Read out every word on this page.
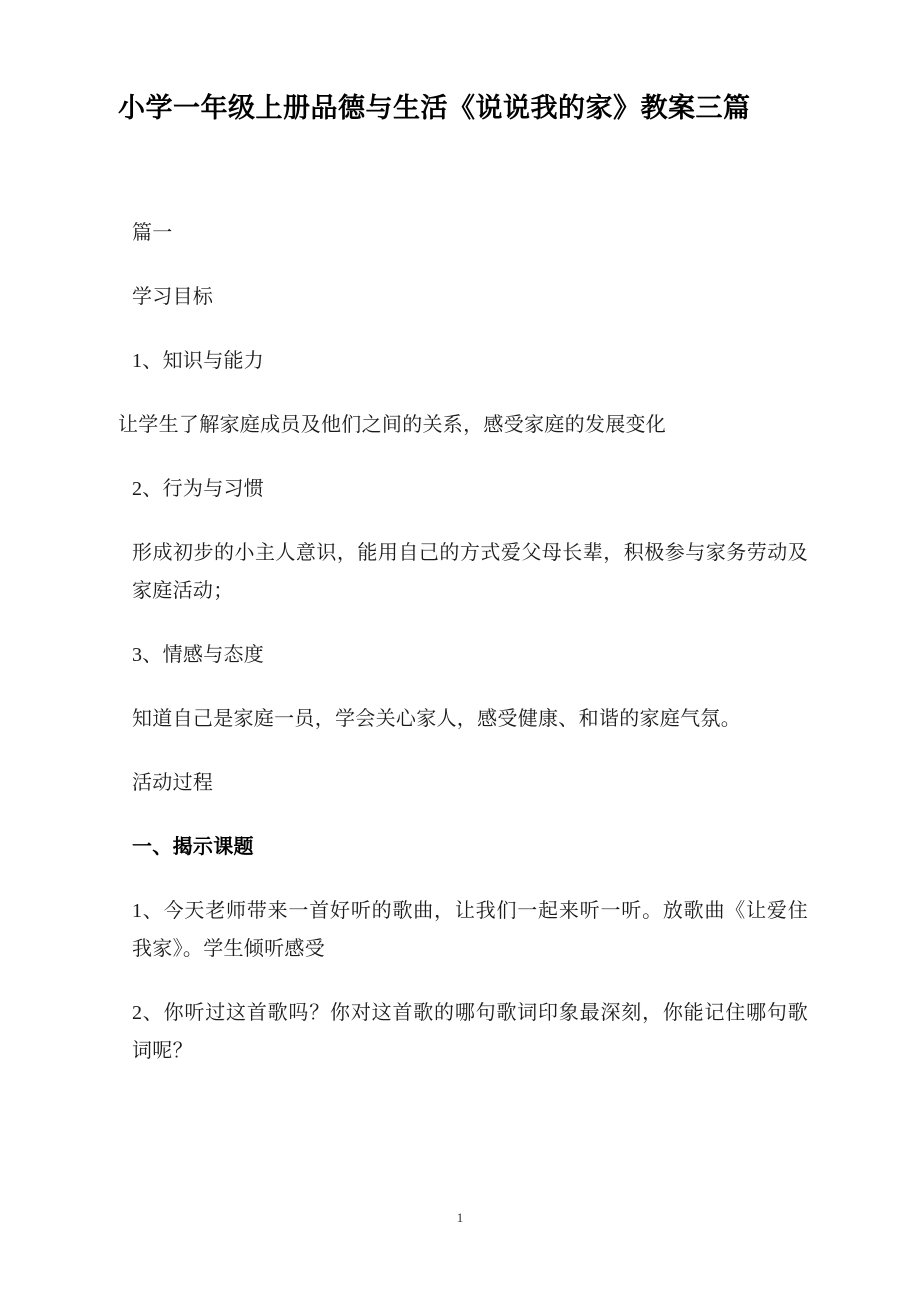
小学一年级上册品德与生活《说说我的家》教案三篇

篇一

学习目标

1、知识与能力

让学生了解家庭成员及他们之间的关系，感受家庭的发展变化

2、行为与习惯

形成初步的小主人意识，能用自己的方式爱父母长辈，积极参与家务劳动及家庭活动；

3、情感与态度

知道自己是家庭一员，学会关心家人，感受健康、和谐的家庭气氛。

活动过程

一、揭示课题

1、今天老师带来一首好听的歌曲，让我们一起来听一听。放歌曲《让爱住我家》。学生倾听感受

2、你听过这首歌吗？你对这首歌的哪句歌词印象最深刻，你能记住哪句歌词呢？

1
